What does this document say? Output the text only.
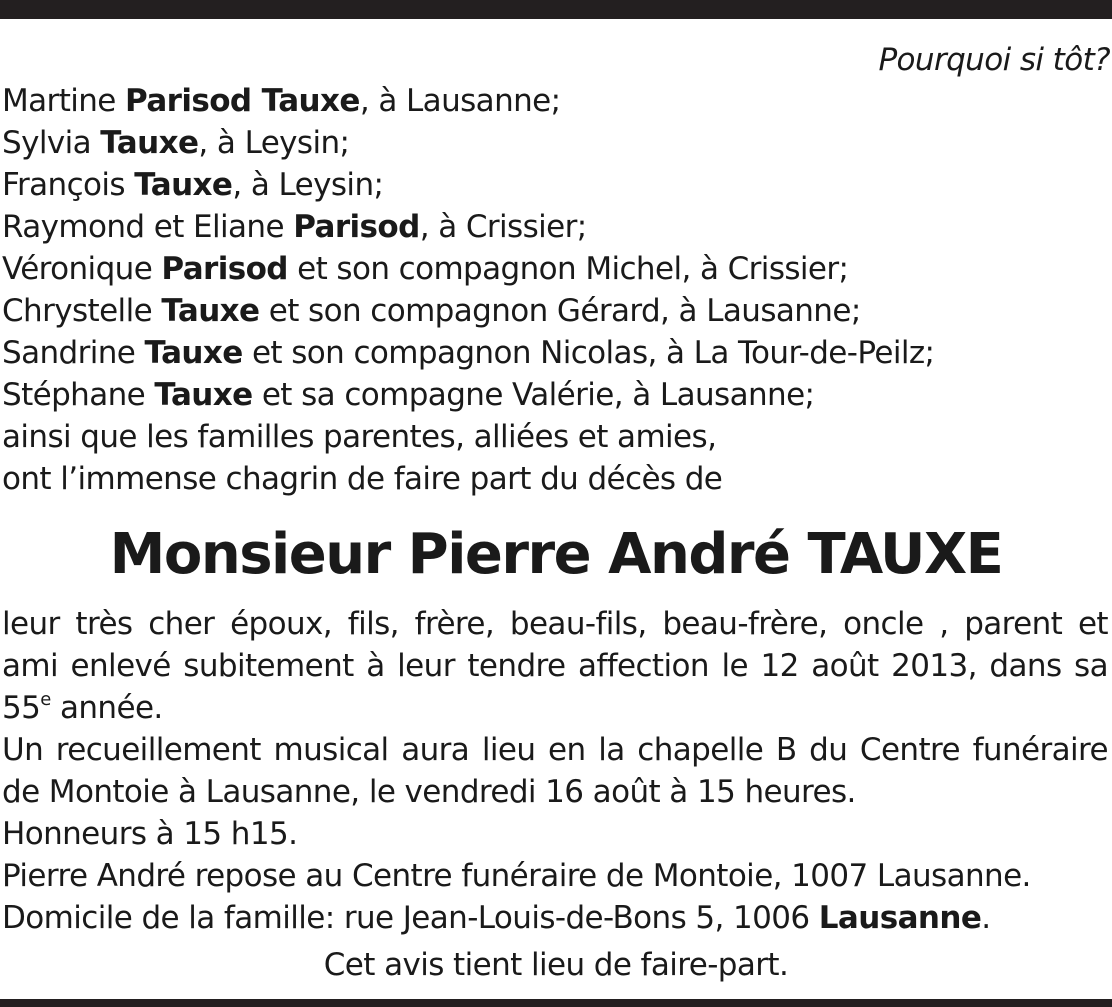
Pourquoi si tôt?
Martine Parisod Tauxe, à Lausanne;
Sylvia Tauxe, à Leysin;
François Tauxe, à Leysin;
Raymond et Eliane Parisod, à Crissier;
Véronique Parisod et son compagnon Michel, à Crissier;
Chrystelle Tauxe et son compagnon Gérard, à Lausanne;
Sandrine Tauxe et son compagnon Nicolas, à La Tour-de-Peilz;
Stéphane Tauxe et sa compagne Valérie, à Lausanne;
ainsi que les familles parentes, alliées et amies,
ont l’immense chagrin de faire part du décès de
Monsieur Pierre André TAUXE
leur très cher époux, fils, frère, beau-fils, beau-frère, oncle , parent et
ami enlevé subitement à leur tendre affection le 12 août 2013, dans sa
55e année.
Un recueillement musical aura lieu en la chapelle B du Centre funéraire
de Montoie à Lausanne, le vendredi 16 août à 15 heures.
Honneurs à 15 h15.
Pierre André repose au Centre funéraire de Montoie, 1007 Lausanne.
Domicile de la famille: rue Jean-Louis-de-Bons 5, 1006 Lausanne.
Cet avis tient lieu de faire-part.
